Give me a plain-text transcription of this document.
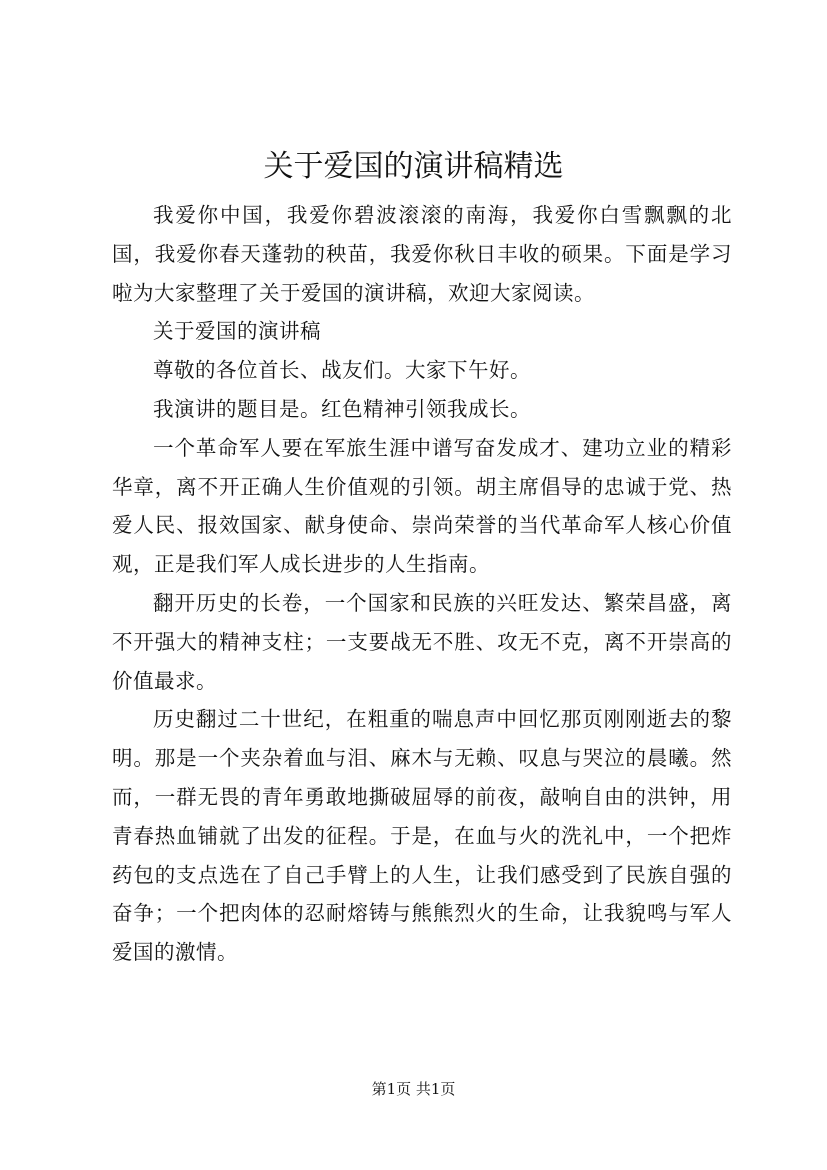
关于爱国的演讲稿精选

我爱你中国，我爱你碧波滚滚的南海，我爱你白雪飘飘的北国，我爱你春天蓬勃的秧苗，我爱你秋日丰收的硕果。下面是学习啦为大家整理了关于爱国的演讲稿，欢迎大家阅读。

关于爱国的演讲稿

尊敬的各位首长、战友们。大家下午好。

我演讲的题目是。红色精神引领我成长。

一个革命军人要在军旅生涯中谱写奋发成才、建功立业的精彩华章，离不开正确人生价值观的引领。胡主席倡导的忠诚于党、热爱人民、报效国家、献身使命、崇尚荣誉的当代革命军人核心价值观，正是我们军人成长进步的人生指南。

翻开历史的长卷，一个国家和民族的兴旺发达、繁荣昌盛，离不开强大的精神支柱；一支要战无不胜、攻无不克，离不开崇高的价值最求。

历史翻过二十世纪，在粗重的喘息声中回忆那页刚刚逝去的黎明。那是一个夹杂着血与泪、麻木与无赖、叹息与哭泣的晨曦。然而，一群无畏的青年勇敢地撕破屈辱的前夜，敲响自由的洪钟，用青春热血铺就了出发的征程。于是，在血与火的洗礼中，一个把炸药包的支点选在了自己手臂上的人生，让我们感受到了民族自强的奋争；一个把肉体的忍耐熔铸与熊熊烈火的生命，让我貌鸣与军人爱国的激情。

第1页 共1页
